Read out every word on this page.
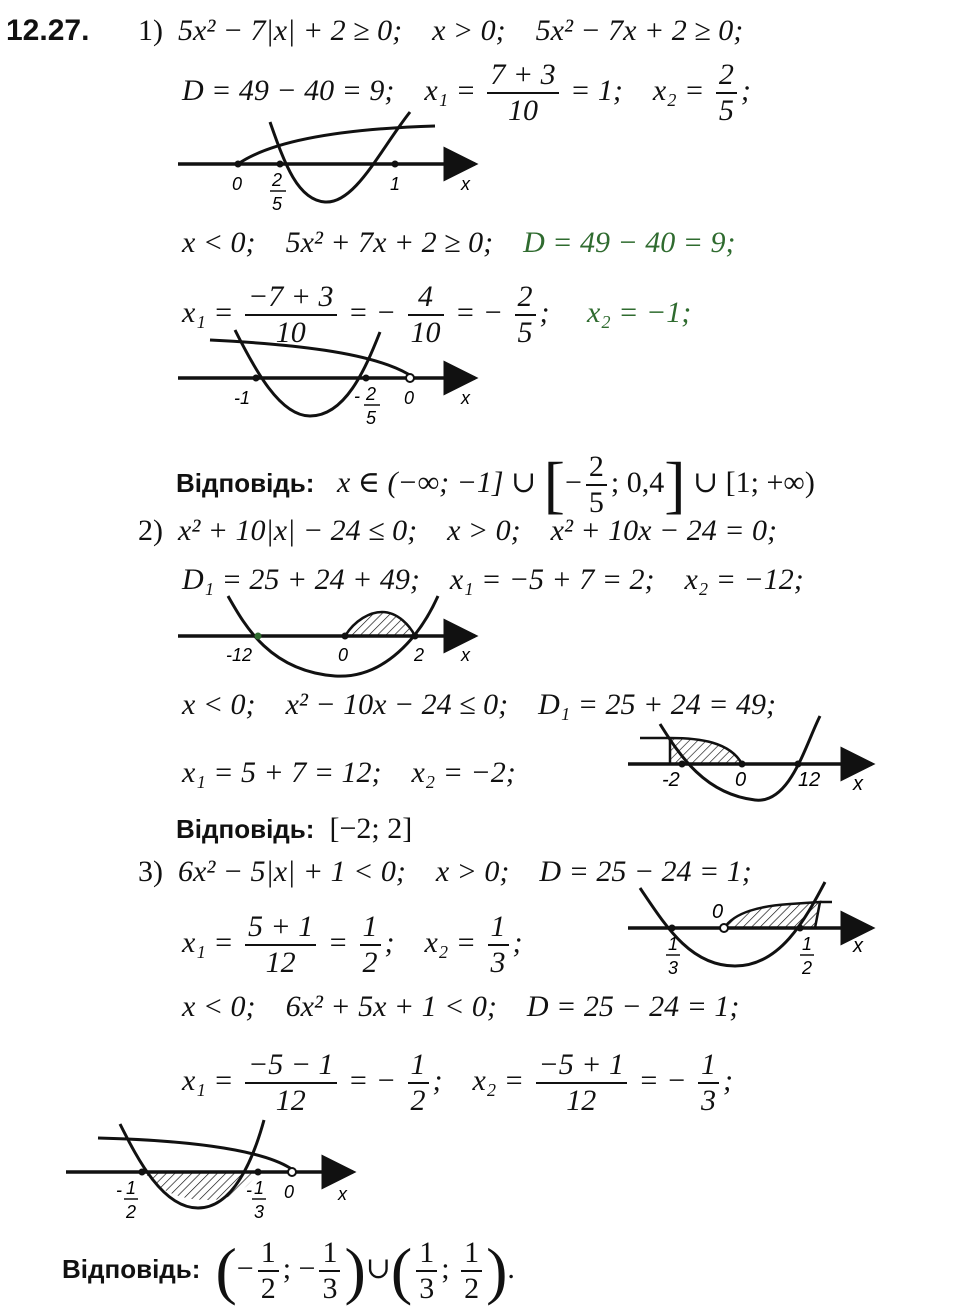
12.27. 1) 5x² − 7|x| + 2 ≥ 0; x > 0; 5x² − 7x + 2 ≥ 0;
D = 49 − 40 = 9; $x_1 = \frac{7 + 3}{10} = 1$; $x_2 = \frac{2}{5}$ ;
0 2
5
1	x
x < 0; 5x² + 7x + 2 ≥ 0; D = 49 − 40 = 9;
$x_1 = \frac{-7 + 3}{10}$ = − $\frac{4}{10}$ = − $\frac{2}{5}$ ; x₂ = −1;
-1	- 2
5
0	x
Відповідь: x ∈ (−∞; −1] ∪ [− $\frac{2}{5}$ ; 0,4] ∪ [1; +∞)
2) x² + 10|x| − 24 ≤ 0; x > 0; x² + 10x − 24 = 0;
D₁ = 25 + 24 + 49; x₁ = −5 + 7 = 2; x₂ = −12;
-12	0	2 x
x < 0; x² − 10x − 24 ≤ 0; D₁ = 25 + 24 = 49;
x₁ = 5 + 7 = 12; x₂ = −2;	-2	0	12 x
Відповідь: [−2; 2]
3) 6x² − 5|x| + 1 < 0; x > 0; D = 25 − 24 = 1;
$x_1 = \frac{5 + 1}{12} = \frac{1}{2}$ ; $x_2 = \frac{1}{3}$ ;
0
1
3
1
2
x
x < 0; 6x² + 5x + 1 < 0; D = 25 − 24 = 1;
$x_1 = \frac{-5 - 1}{12}$ = − $\frac{1}{2}$ ; $x_2 = \frac{-5 + 1}{12}$ = − $\frac{1}{3}$ ;
- 1
2
- 1
3
0 x
Відповідь: (− $\frac{1}{2}$ ; − $\frac{1}{3}$ )∪( $\frac{1}{3}$ ; $\frac{1}{2}$ ).
